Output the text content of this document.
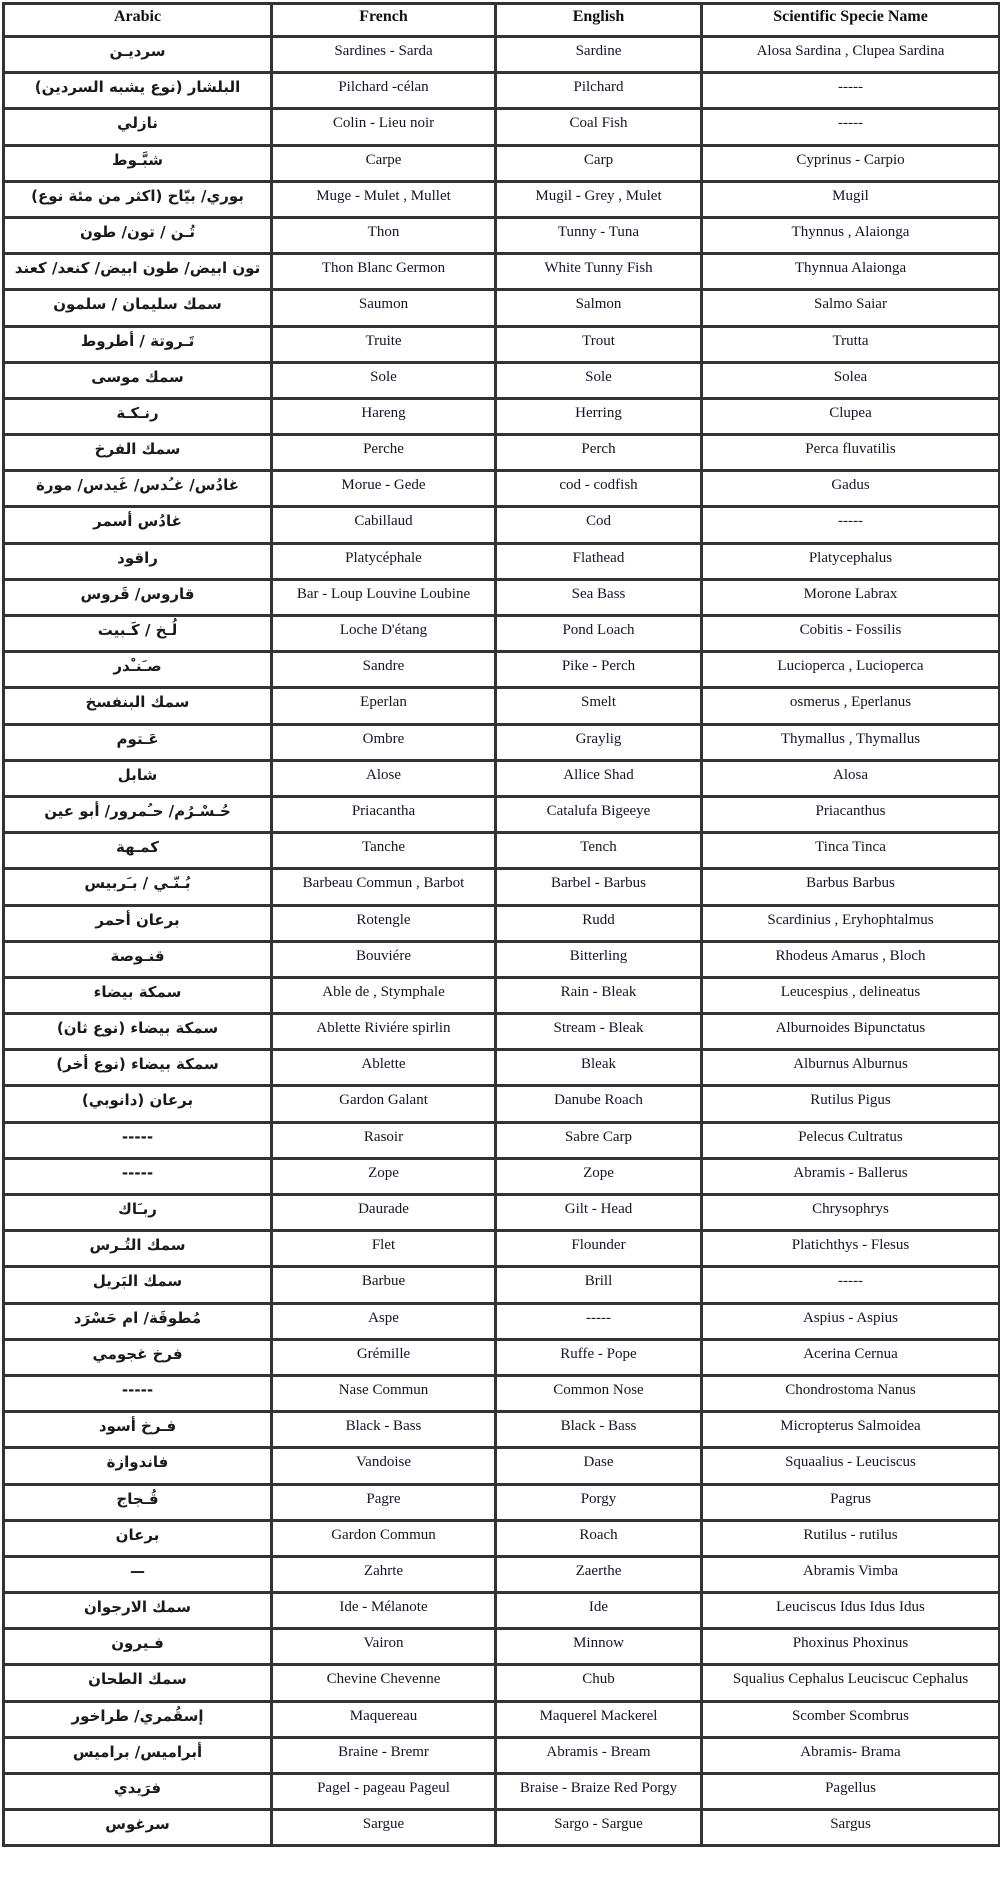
Arabic	French	English	Scientific Specie Name
سرديـن	Sardines - Sarda	Sardine	Alosa Sardina , Clupea Sardina
البلشار (نوع يشبه السردين)	Pilchard -célan	Pilchard	-----
نازلي	Colin - Lieu noir	Coal Fish	-----
شبَّـوط	Carpe	Carp	Cyprinus - Carpio
بوري/ بيّاح (اكثر من مئة نوع)	Muge - Mulet , Mullet	Mugil - Grey , Mulet	Mugil
تُـن / تون/ طون	Thon	Tunny - Tuna	Thynnus , Alaionga
تون ابيض/ طون ابيض/ كنعد/ كعند	Thon Blanc Germon	White Tunny Fish	Thynnua Alaionga
سمك سليمان / سلمون	Saumon	Salmon	Salmo Saiar
تَـروتة / أطروط	Truite	Trout	Trutta
سمك موسى	Sole	Sole	Solea
رنـكـة	Hareng	Herring	Clupea
سمك الفرخ	Perche	Perch	Perca fluvatilis
غادُس/ غـُدس/ غَيدس/ مورة	Morue - Gede	cod - codfish	Gadus
غادُس أسمر	Cabillaud	Cod	-----
راقود	Platycéphale	Flathead	Platycephalus
قاروس/ قَروس	Bar - Loup Louvine Loubine	Sea Bass	Morone Labrax
لُـخ / كَـبيت	Loche D'étang	Pond Loach	Cobitis - Fossilis
صـَنـْدر	Sandre	Pike - Perch	Lucioperca , Lucioperca
سمك البنفسخ	Eperlan	Smelt	osmerus , Eperlanus
عَـتوم	Ombre	Graylig	Thymallus , Thymallus
شابل	Alose	Allice Shad	Alosa
حُـسْـرُم/ حـُمرور/ أبو عين	Priacantha	Catalufa Bigeeye	Priacanthus
كمـهة	Tanche	Tench	Tinca Tinca
بُـنّـي / بـَربيس	Barbeau Commun , Barbot	Barbel - Barbus	Barbus Barbus
برعان أحمر	Rotengle	Rudd	Scardinius , Eryhophtalmus
قنـوصة	Bouviére	Bitterling	Rhodeus Amarus , Bloch
سمكة بيضاء	Able de , Stymphale	Rain - Bleak	Leucespius , delineatus
سمكة بيضاء (نوع ثان)	Ablette Riviére spirlin	Stream - Bleak	Alburnoides Bipunctatus
سمكة بيضاء (نوع أخر)	Ablette	Bleak	Alburnus Alburnus
برعان (دانوبي)	Gardon Galant	Danube Roach	Rutilus Pigus
-----	Rasoir	Sabre Carp	Pelecus Cultratus
-----	Zope	Zope	Abramis - Ballerus
ربـَاك	Daurade	Gilt - Head	Chrysophrys
سمك التُـرس	Flet	Flounder	Platichthys - Flesus
سمك البَريل	Barbue	Brill	-----
مُطوقَة/ ام حَسْرَد	Aspe	-----	Aspius - Aspius
فرخ غجومي	Grémille	Ruffe - Pope	Acerina Cernua
-----	Nase Commun	Common Nose	Chondrostoma Nanus
فـرخ أسود	Black - Bass	Black - Bass	Micropterus Salmoidea
فاندوازة	Vandoise	Dase	Squaalius - Leuciscus
قُـجاج	Pagre	Porgy	Pagrus
برعان	Gardon Commun	Roach	Rutilus - rutilus
—	Zahrte	Zaerthe	Abramis Vimba
سمك الارجوان	Ide - Mélanote	Ide	Leuciscus Idus Idus Idus
فـيرون	Vairon	Minnow	Phoxinus Phoxinus
سمك الطحان	Chevine Chevenne	Chub	Squalius Cephalus Leuciscuc Cephalus
إسقُمري/ طراخور	Maquereau	Maquerel Mackerel	Scomber Scombrus
أبراميس/ براميس	Braine - Bremr	Abramis - Bream	Abramis- Brama
فرَيدي	Pagel - pageau Pageul	Braise - Braize Red Porgy	Pagellus
سرغوس	Sargue	Sargo - Sargue	Sargus
